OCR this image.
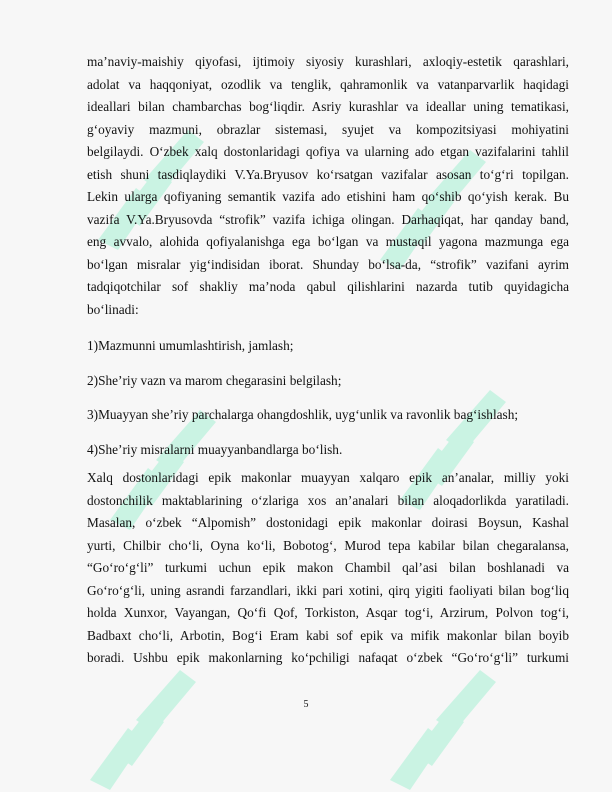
ma’naviy-maishiy qiyofasi, ijtimoiy siyosiy kurashlari, axloqiy-estetik qarashlari,

adolat va haqqoniyat, ozodlik va tenglik, qahramonlik va vatanparvarlik haqidagi

ideallari bilan chambarchas bog‘liqdir. Asriy kurashlar va ideallar uning tematikasi,

g‘oyaviy mazmuni, obrazlar sistemasi, syujet va kompozitsiyasi mohiyatini

belgilaydi. O‘zbek xalq dostonlaridagi qofiya va ularning ado etgan vazifalarini tahlil

etish shuni tasdiqlaydiki V.Ya.Bryusov ko‘rsatgan vazifalar asosan to‘g‘ri topilgan.

Lekin ularga qofiyaning semantik vazifa ado etishini ham qo‘shib qo‘yish kerak. Bu

vazifa V.Ya.Bryusovda “strofik” vazifa ichiga olingan. Darhaqiqat, har qanday band,

eng avvalo, alohida qofiyalanishga ega bo‘lgan va mustaqil yagona mazmunga ega

bo‘lgan misralar yig‘indisidan iborat. Shunday bo‘lsa-da, “strofik” vazifani ayrim

tadqiqotchilar sof shakliy ma’noda qabul qilishlarini nazarda tutib quyidagicha

bo‘linadi:

1)Mazmunni umumlashtirish, jamlash;

2)She’riy vazn va marom chegarasini belgilash;

3)Muayyan she’riy parchalarga ohangdoshlik, uyg‘unlik va ravonlik bag‘ishlash;

4)She’riy misralarni muayyanbandlarga bo‘lish.

Xalq dostonlaridagi epik makonlar muayyan xalqaro epik an’analar, milliy yoki

dostonchilik maktablarining o‘zlariga xos an’analari bilan aloqadorlikda yaratiladi.

Masalan, o‘zbek “Alpomish” dostonidagi epik makonlar doirasi Boysun, Kashal

yurti, Chilbir cho‘li, Oyna ko‘li, Bobotog‘, Murod tepa kabilar bilan chegaralansa,

“Go‘ro‘g‘li” turkumi uchun epik makon Chambil qal’asi bilan boshlanadi va

Go‘ro‘g‘li, uning asrandi farzandlari, ikki pari xotini, qirq yigiti faoliyati bilan bog‘liq

holda Xunxor, Vayangan, Qo‘fi Qof, Torkiston, Asqar tog‘i, Arzirum, Polvon tog‘i,

Badbaxt cho‘li, Arbotin, Bog‘i Eram kabi sof epik va mifik makonlar bilan boyib

boradi. Ushbu epik makonlarning ko‘pchiligi nafaqat o‘zbek “Go‘ro‘g‘li” turkumi

5
